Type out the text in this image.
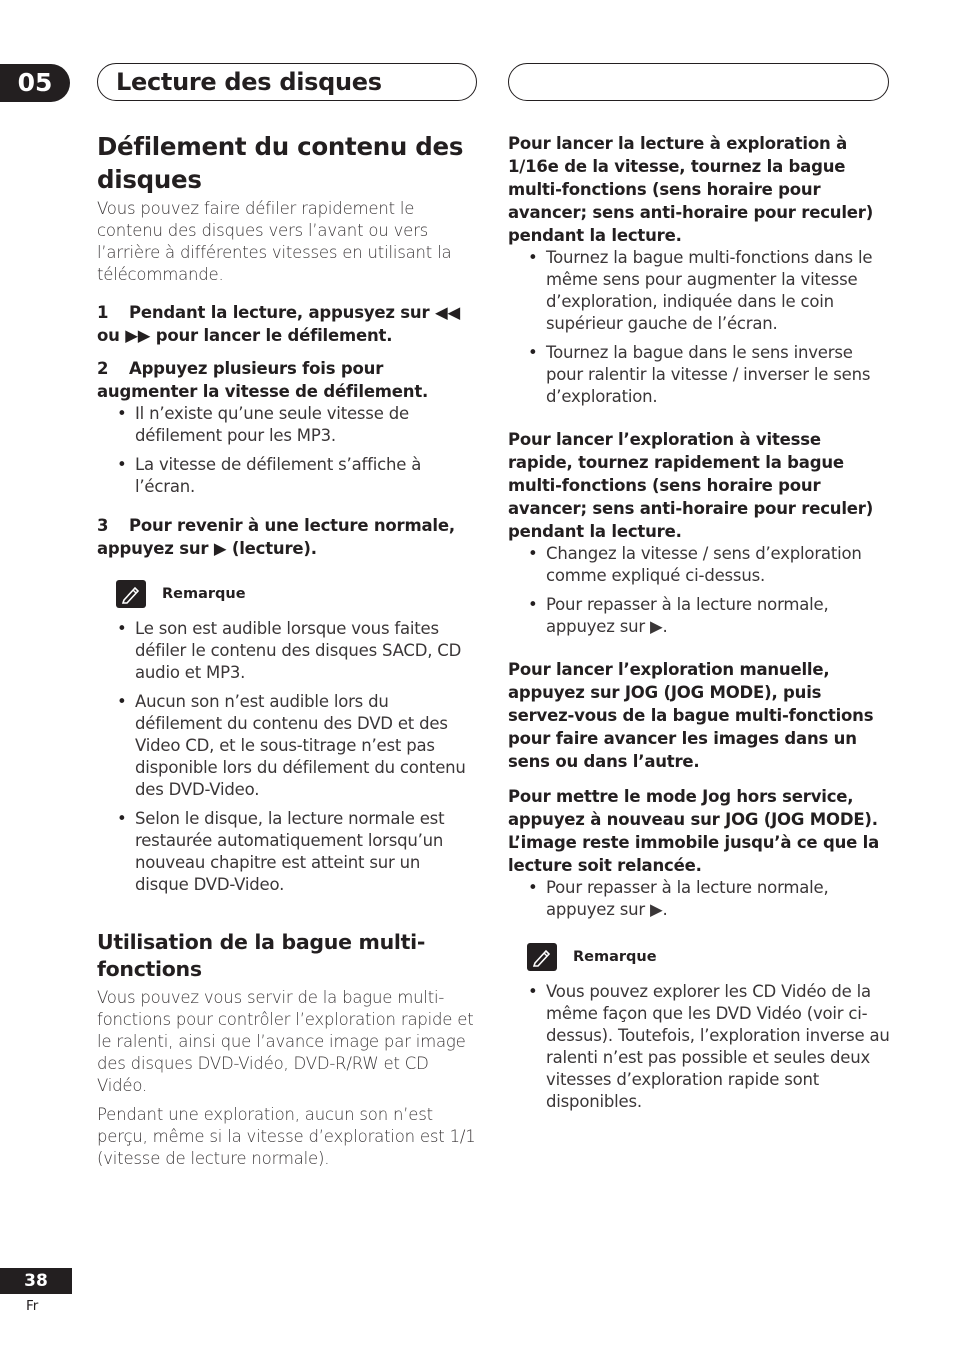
05	Lecture des disques
Défilement du contenu des disques

Vous pouvez faire défiler rapidement le contenu des disques vers l’avant ou vers l’arrière à différentes vitesses en utilisant la télécommande.

1 Pendant la lecture, appusyez sur ◀◀ ou ▶▶ pour lancer le défilement.

2 Appuyez plusieurs fois pour augmenter la vitesse de défilement.

• Il n’existe qu’une seule vitesse de défilement pour les MP3.
• La vitesse de défilement s’affiche à l’écran.

3 Pour revenir à une lecture normale, appuyez sur ▶ (lecture).

Remarque
• Le son est audible lorsque vous faites défiler le contenu des disques SACD, CD audio et MP3.
• Aucun son n’est audible lors du défilement du contenu des DVD et des Video CD, et le sous-titrage n’est pas disponible lors du défilement du contenu des DVD-Video.
• Selon le disque, la lecture normale est restaurée automatiquement lorsqu’un nouveau chapitre est atteint sur un disque DVD-Video.
Utilisation de la bague multi-fonctions

Vous pouvez vous servir de la bague multi-fonctions pour contrôler l’exploration rapide et le ralenti, ainsi que l’avance image par image des disques DVD-Vidéo, DVD-R/RW et CD Vidéo.

Pendant une exploration, aucun son n’est perçu, même si la vitesse d’exploration est 1/1 (vitesse de lecture normale).

Pour lancer la lecture à exploration à 1/16e de la vitesse, tournez la bague multi-fonctions (sens horaire pour avancer; sens anti-horaire pour reculer) pendant la lecture.

• Tournez la bague multi-fonctions dans le même sens pour augmenter la vitesse d’exploration, indiquée dans le coin supérieur gauche de l’écran.
• Tournez la bague dans le sens inverse pour ralentir la vitesse / inverser le sens d’exploration.

Pour lancer l’exploration à vitesse rapide, tournez rapidement la bague multi-fonctions (sens horaire pour avancer; sens anti-horaire pour reculer) pendant la lecture.

• Changez la vitesse / sens d’exploration comme expliqué ci-dessus.
• Pour repasser à la lecture normale, appuyez sur ▶.

Pour lancer l’exploration manuelle, appuyez sur JOG (JOG MODE), puis servez-vous de la bague multi-fonctions pour faire avancer les images dans un sens ou dans l’autre.

Pour mettre le mode Jog hors service, appuyez à nouveau sur JOG (JOG MODE). L’image reste immobile jusqu’à ce que la lecture soit relancée.

• Pour repasser à la lecture normale, appuyez sur ▶.
Remarque
• Vous pouvez explorer les CD Vidéo de la même façon que les DVD Vidéo (voir ci-dessus). Toutefois, l’exploration inverse au ralenti n’est pas possible et seules deux vitesses d’exploration rapide sont disponibles.
38
Fr
